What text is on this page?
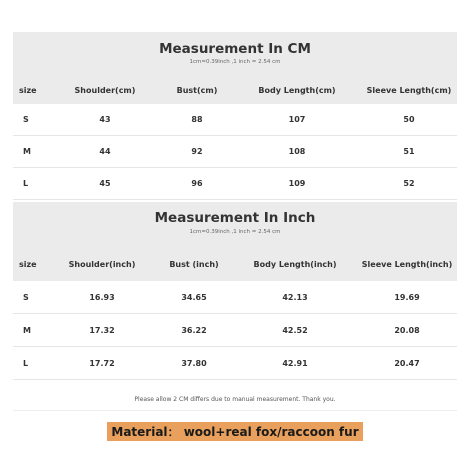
Measurement In CM
1cm=0.39inch ,1 inch = 2.54 cm
size	Shoulder(cm)	Bust(cm)	Body Length(cm)	Sleeve Length(cm)
S	43	88	107	50
M	44	92	108	51
L	45	96	109	52
Measurement In Inch
1cm=0.39inch ,1 inch = 2.54 cm
size	Shoulder(inch)	Bust (inch)	Body Length(inch)	Sleeve Length(inch)
S	16.93	34.65	42.13	19.69
M	17.32	36.22	42.52	20.08
L	17.72	37.80	42.91	20.47
Please allow 2 CM differs due to manual measurement. Thank you.
Material： wool+real fox/raccoon fur
